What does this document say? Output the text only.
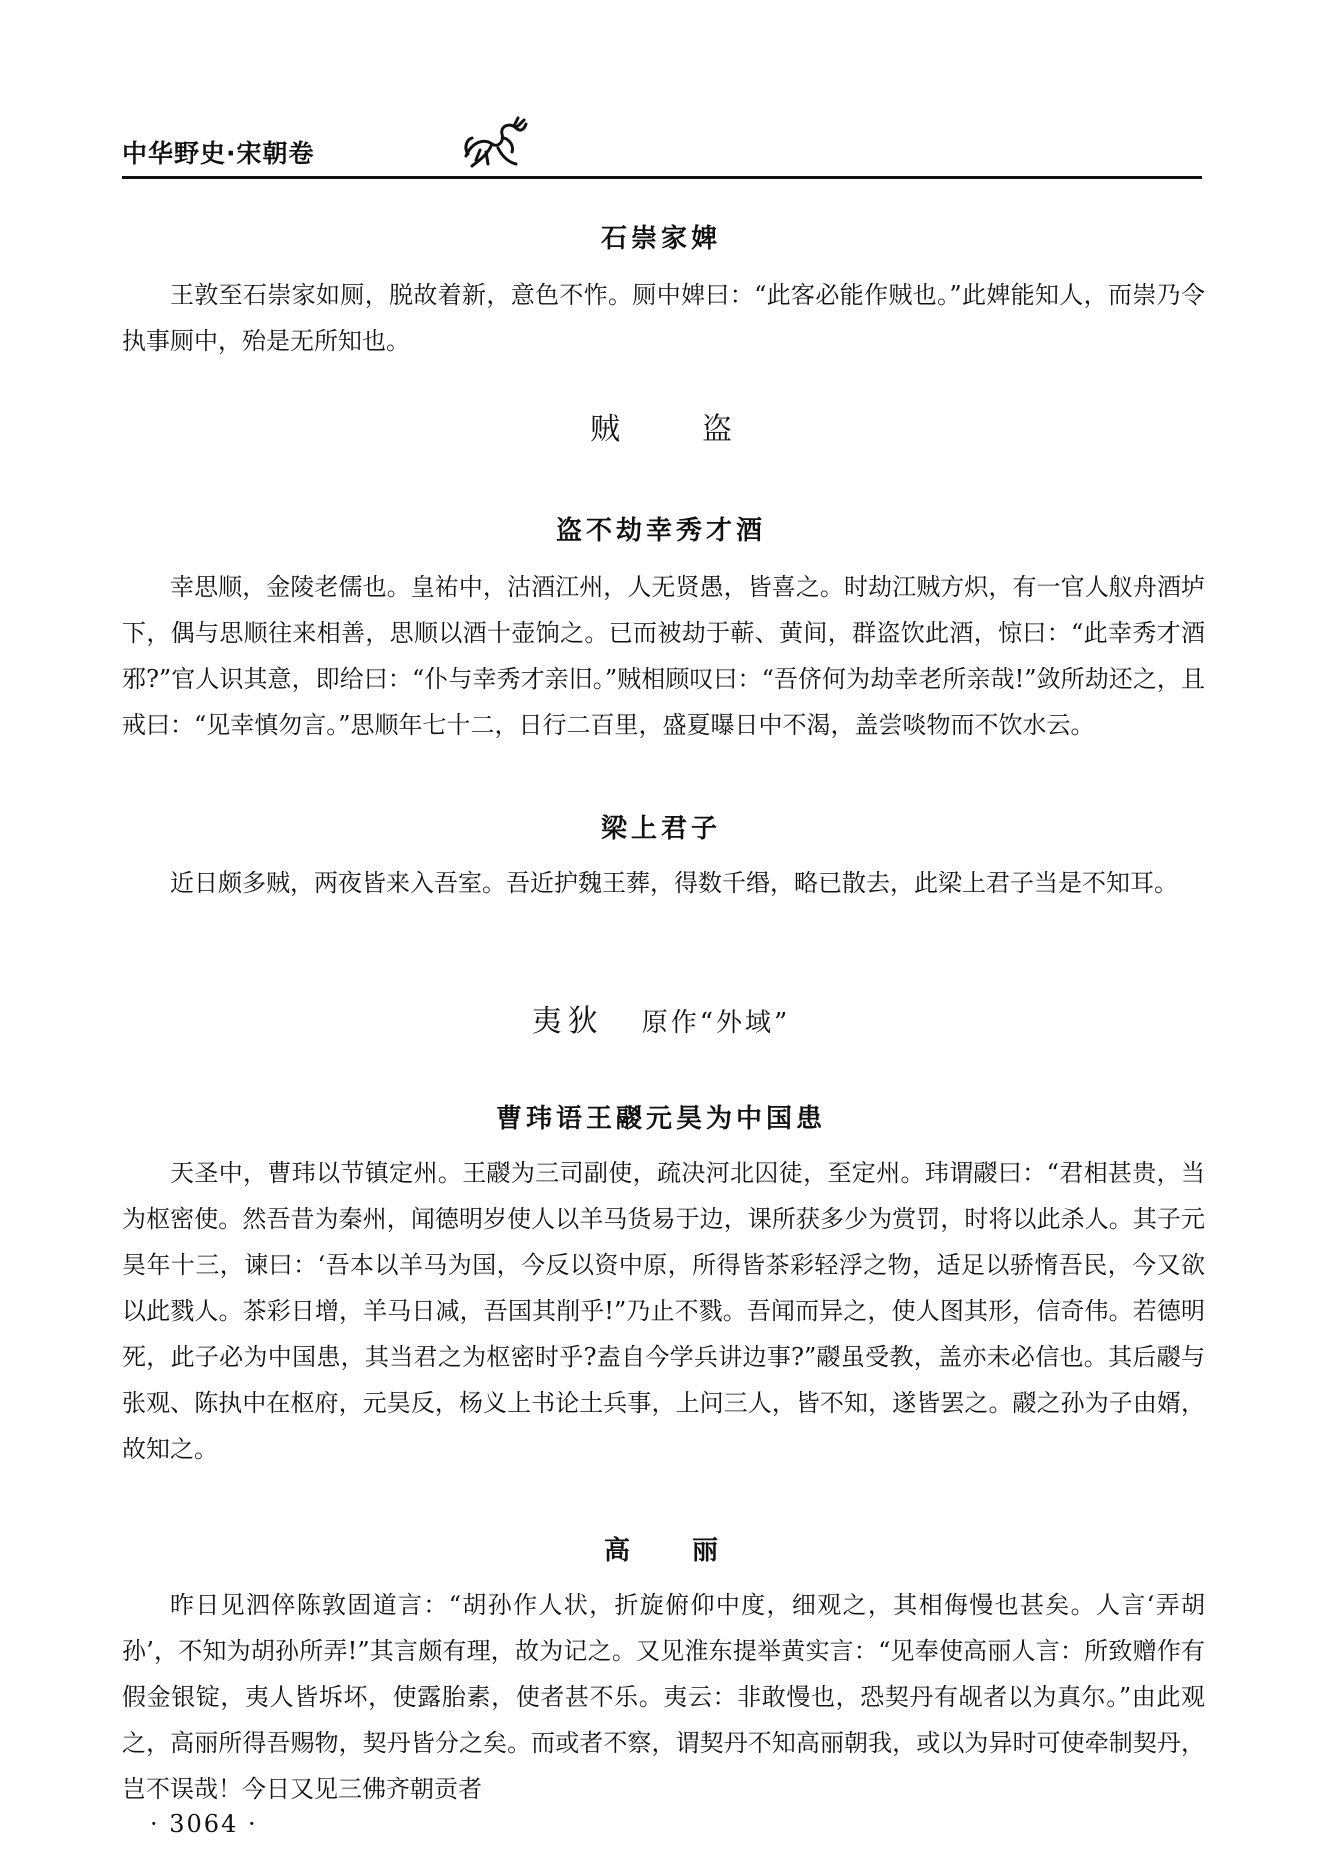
中华野史·宋朝卷
石崇家婢

王敦至石崇家如厕，脱故着新，意色不怍。厕中婢曰：“此客必能作贼也。”此婢能知人，而崇乃令执事厕中，殆是无所知也。

贼　盗
盗不劫幸秀才酒

幸思顺，金陵老儒也。皇祐中，沽酒江州，人无贤愚，皆喜之。时劫江贼方炽，有一官人舣舟酒垆下，偶与思顺往来相善，思顺以酒十壶饷之。已而被劫于蕲、黄间，群盗饮此酒，惊曰：“此幸秀才酒邪?”官人识其意，即给曰：“仆与幸秀才亲旧。”贼相顾叹曰：“吾侪何为劫幸老所亲哉!”敛所劫还之，且戒曰：“见幸慎勿言。”思顺年七十二，日行二百里，盛夏曝日中不渴，盖尝啖物而不饮水云。

梁上君子

近日颇多贼，两夜皆来入吾室。吾近护魏王葬，得数千缗，略已散去，此梁上君子当是不知耳。

夷狄 原作“外域”
曹玮语王鬷元昊为中国患

天圣中，曹玮以节镇定州。王鬷为三司副使，疏决河北囚徒，至定州。玮谓鬷曰：“君相甚贵，当为枢密使。然吾昔为秦州，闻德明岁使人以羊马货易于边，课所获多少为赏罚，时将以此杀人。其子元昊年十三，谏曰：‘吾本以羊马为国，今反以资中原，所得皆茶彩轻浮之物，适足以骄惰吾民，今又欲以此戮人。茶彩日增，羊马日减，吾国其削乎!”乃止不戮。吾闻而异之，使人图其形，信奇伟。若德明死，此子必为中国患，其当君之为枢密时乎?盍自今学兵讲边事?”鬷虽受教，盖亦未必信也。其后鬷与张观、陈执中在枢府，元昊反，杨义上书论土兵事，上问三人，皆不知，遂皆罢之。鬷之孙为子由婿，故知之。

高　丽

昨日见泗倅陈敦固道言：“胡孙作人状，折旋俯仰中度，细观之，其相侮慢也甚矣。人言‘弄胡孙’，不知为胡孙所弄!”其言颇有理，故为记之。又见淮东提举黄实言：“见奉使高丽人言：所致赠作有假金银锭，夷人皆坼坏，使露胎素，使者甚不乐。夷云：非敢慢也，恐契丹有觇者以为真尔。”由此观之，高丽所得吾赐物，契丹皆分之矣。而或者不察，谓契丹不知高丽朝我，或以为异时可使牵制契丹，岂不误哉！今日又见三佛齐朝贡者

· 3064 ·
